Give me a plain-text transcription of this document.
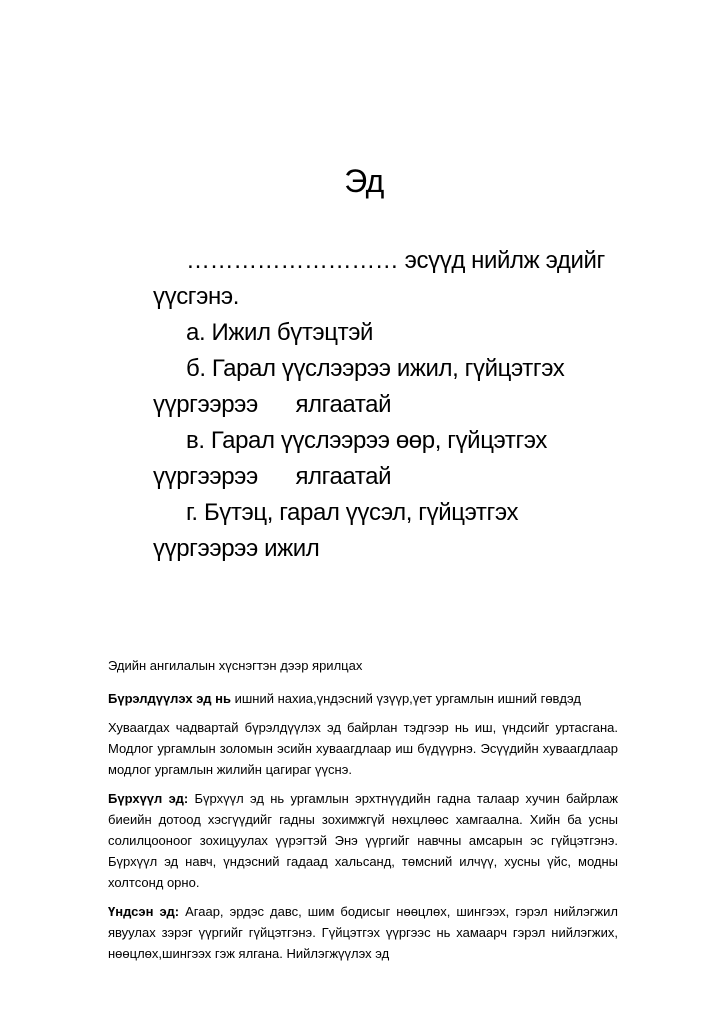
Эд
……………………… эсүүд нийлж эдийг
үүсгэнэ.
а. Ижил бүтэцтэй
б. Гарал үүслээрээ ижил, гүйцэтгэх
үүргээрээ      ялгаатай
в. Гарал үүслээрээ өөр, гүйцэтгэх
үүргээрээ      ялгаатай
г. Бүтэц, гарал үүсэл, гүйцэтгэх
үүргээрээ ижил

Эдийн ангилалын хүснэгтэн дээр ярилцах

Бүрэлдүүлэх эд нь ишний нахиа,үндэсний үзүүр,үет ургамлын ишний гөвдэд

Хуваагдах чадвартай бүрэлдүүлэх эд байрлан тэдгээр нь иш, үндсийг уртасгана. Модлог ургамлын золомын эсийн хуваагдлаар иш бүдүүрнэ. Эсүүдийн хуваагдлаар модлог ургамлын жилийн цагираг үүснэ.

Бүрхүүл эд: Бүрхүүл эд нь ургамлын эрхтнүүдийн гадна талаар хучин байрлаж биеийн дотоод хэсгүүдийг гадны зохимжгүй нөхцлөөс хамгаална. Хийн ба усны солилцоонoог зохицуулах үүрэгтэй Энэ үүргийг навчны амсарын эс гүйцэтгэнэ. Бүрхүүл эд навч, үндэсний гадаад хальсанд, төмсний илчүү, хусны үйс, модны холтсонд орно.

Үндсэн эд: Агаар, эрдэс давс, шим бодисыг нөөцлөх, шингээх, гэрэл нийлэгжил явуулах зэрэг үүргийг гүйцэтгэнэ. Гүйцэтгэх үүргээс нь хамаарч гэрэл нийлэгжих, нөөцлөх,шингээх гэж ялгана. Нийлэгжүүлэх эд
